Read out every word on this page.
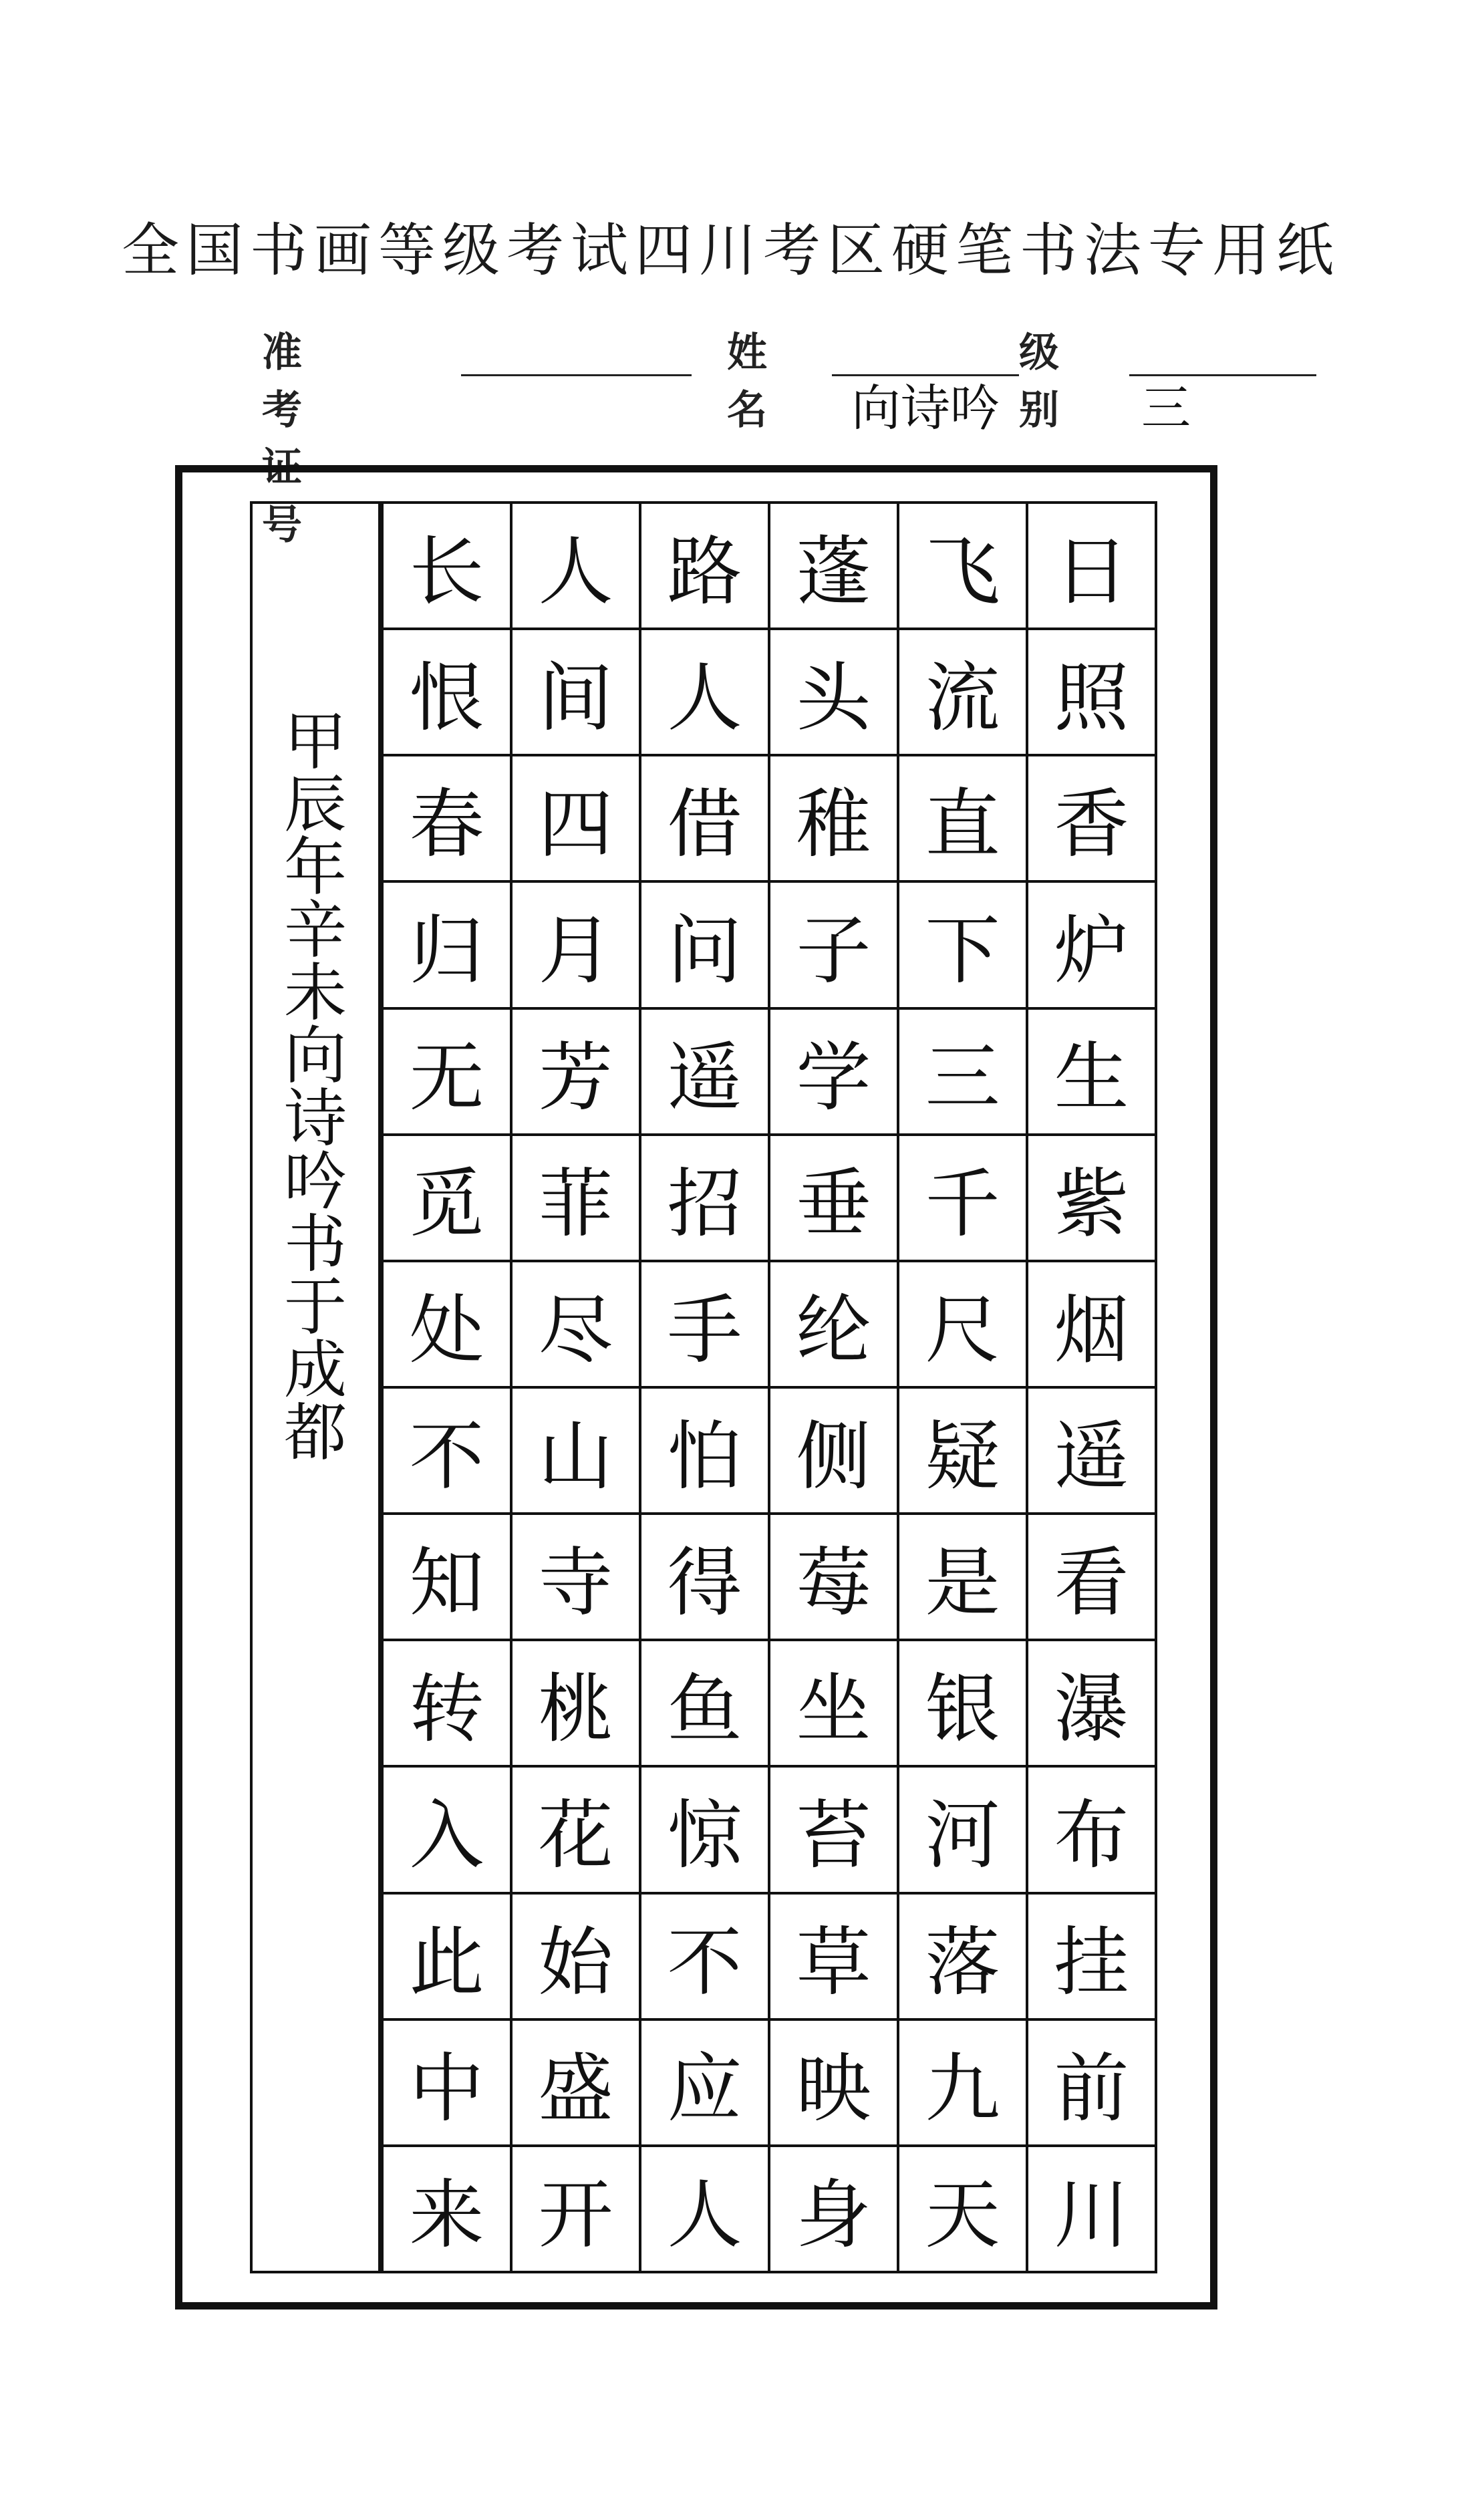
全国书画等级考试四川考区硬笔书法专用纸
准考证号
姓名	向诗吟
级别 三
甲
辰
年
辛
未
向
诗
吟
书
于
成
都
日
照
香
炉
生
紫
烟
遥
看
瀑
布
挂
前
川
飞
流
直
下
三
千
尺
疑
是
银
河
落
九
天
蓬
头
稚
子
学
垂
纶
侧
莓
坐
苔
草
映
身
路
人
借
问
遥
招
手
怕
得
鱼
惊
不
应
人
人
间
四
月
芳
菲
尽
山
寺
桃
花
始
盛
开
长
恨
春
归
无
觅
处
不
知
转
入
此
中
来
